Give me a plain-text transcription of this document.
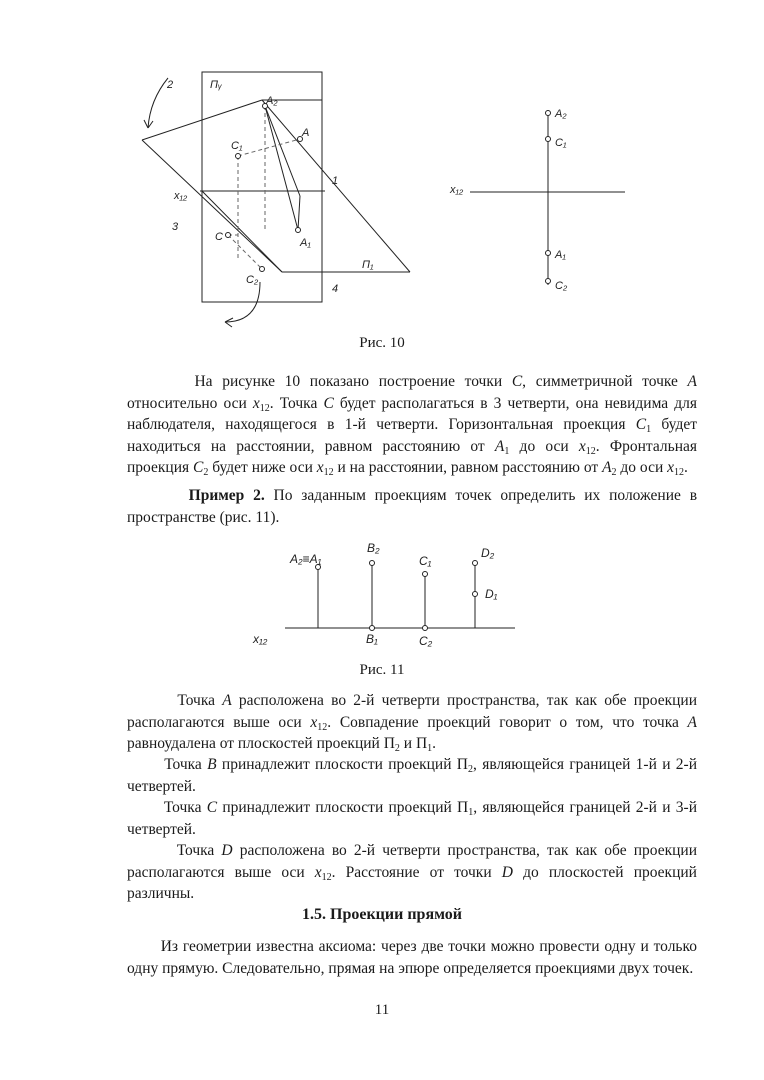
2	Пᵧ
A₂
A
C₁
1
x₁₂
3
C	A₁
П₁
C₂
4
A₂
C₁
x₁₂
A₁
C₂
Рис. 10
На рисунке 10 показано построение точки C, симметричной точке A относительно оси $x_{12}$. Точка C будет располагаться в 3 четверти, она невидима для наблюдателя, находящегося в 1-й четверти. Горизонтальная проекция $C_1$ будет находиться на расстоянии, равном расстоянию от $A_1$ до оси $x_{12}$. Фронтальная проекция $C_2$ будет ниже оси $x_{12}$ и на расстоянии, равном расстоянию от $A_2$ до оси $x_{12}$.
Пример 2. По заданным проекциям точек определить их положение в пространстве (рис. 11).
A₂≡A₁
B₂
C₁
D₂
D₁
B₁	C₂
x₁₂
Рис. 11
Точка A расположена во 2-й четверти пространства, так как обе проекции располагаются выше оси $x_{12}$. Совпадение проекций говорит о том, что точка A равноудалена от плоскостей проекций $П_2$ и $П_1$.
Точка B принадлежит плоскости проекций $П_2$, являющейся границей 1-й и 2-й четвертей.
Точка C принадлежит плоскости проекций $П_1$, являющейся границей 2-й и 3-й четвертей.
Точка D расположена во 2-й четверти пространства, так как обе проекции располагаются выше оси $x_{12}$. Расстояние от точки D до плоскостей проекций различны.
1.5. Проекции прямой
Из геометрии известна аксиома: через две точки можно провести одну и только одну прямую. Следовательно, прямая на эпюре определяется проекциями двух точек.
11
